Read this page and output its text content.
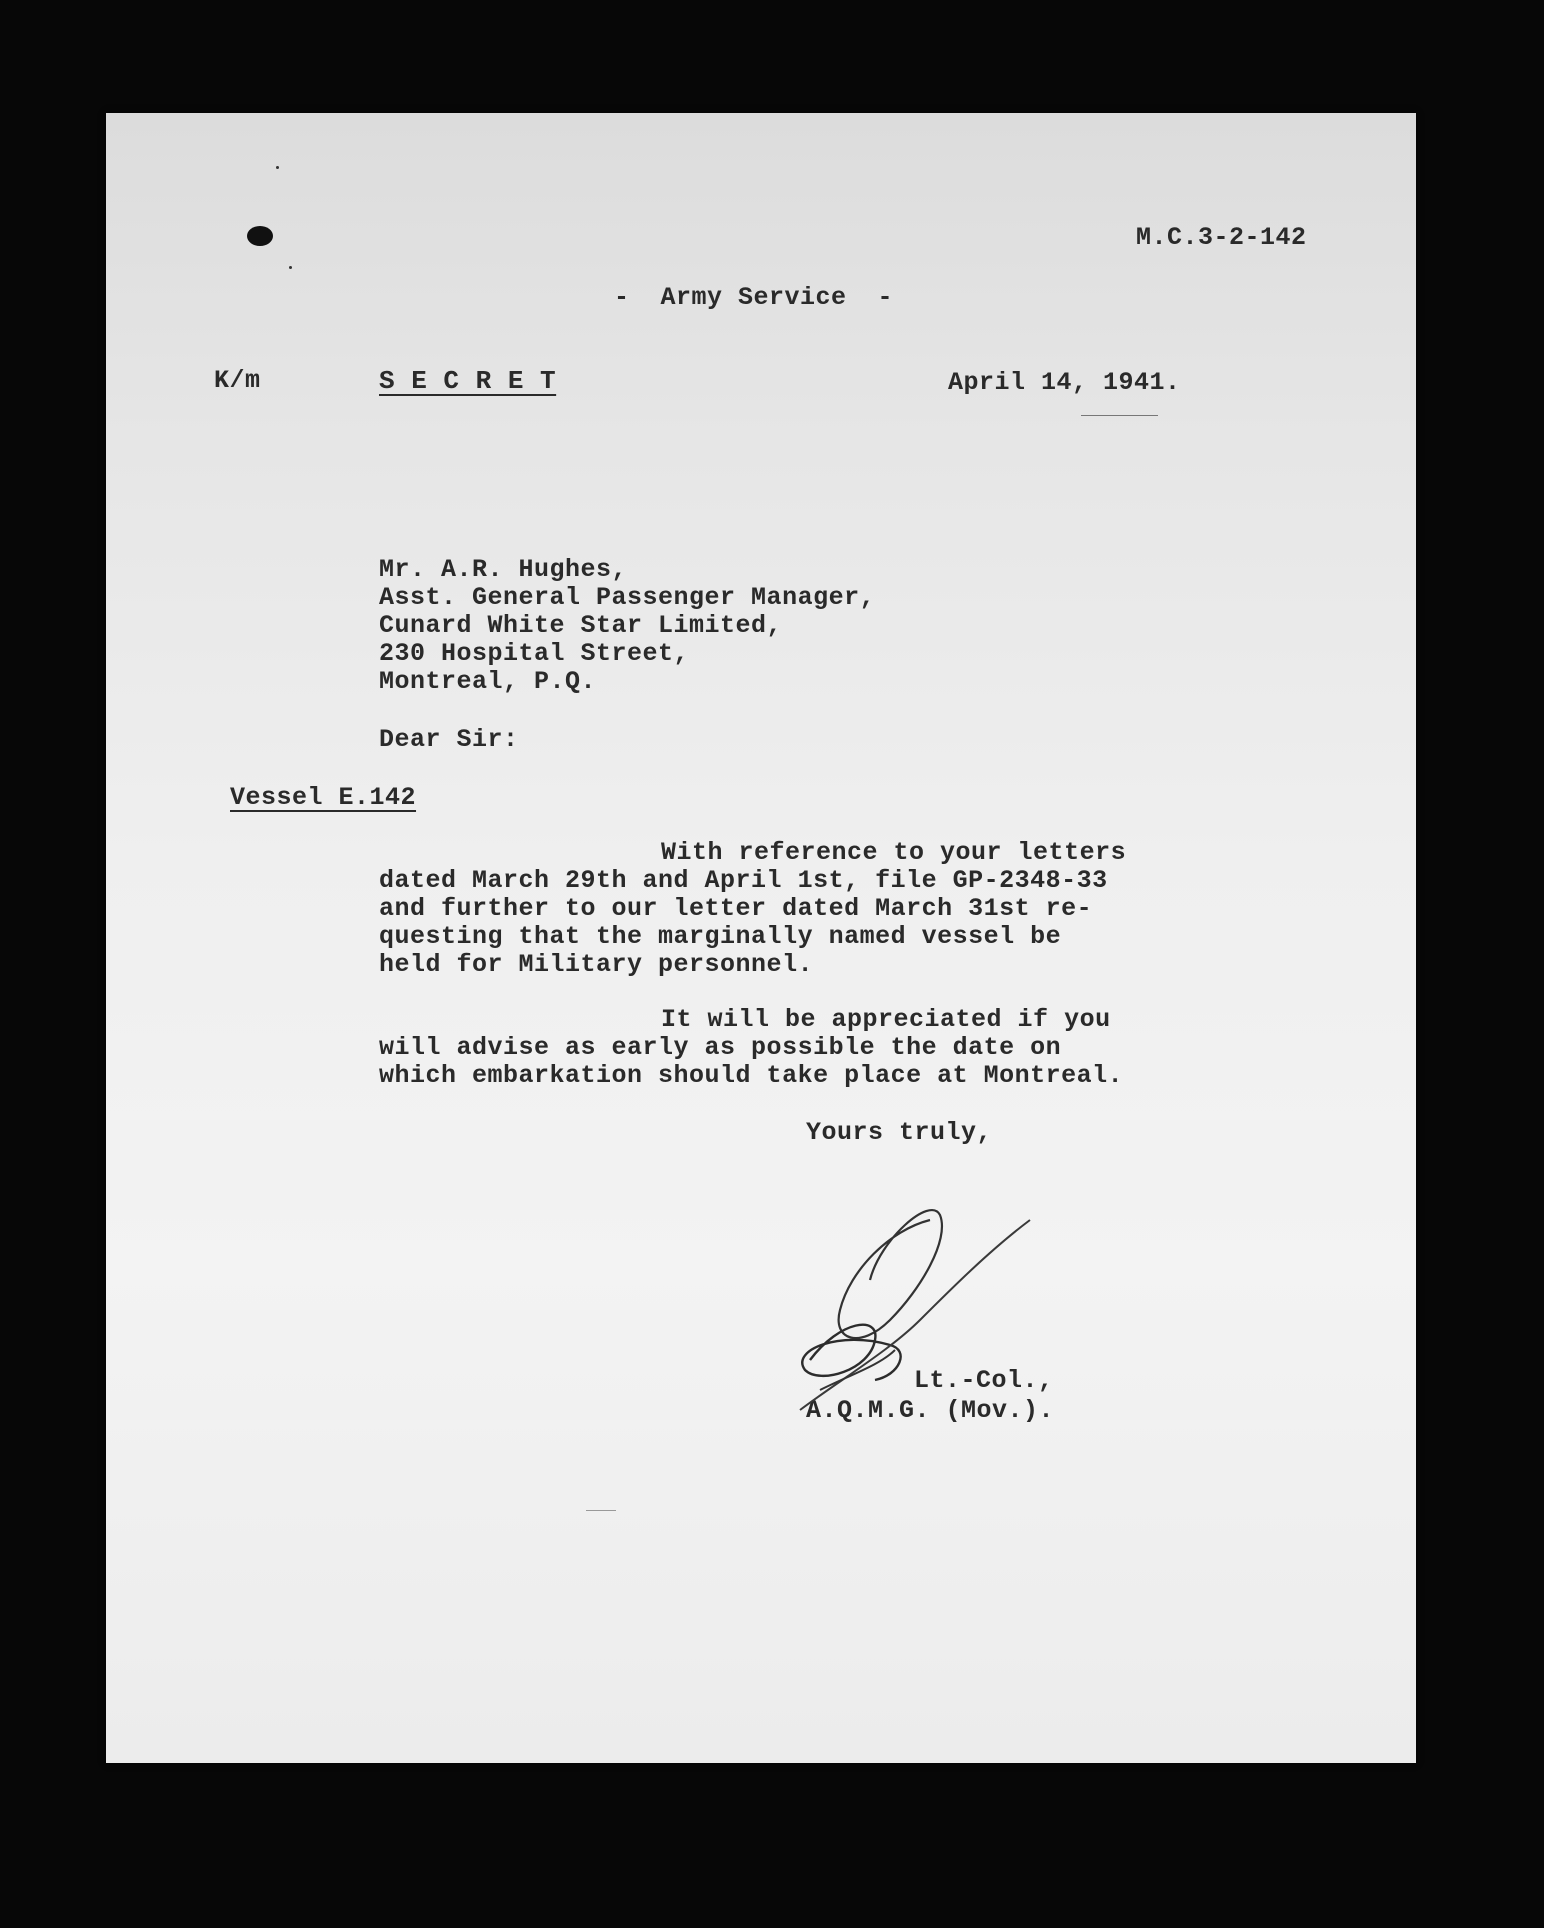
M.C.3-2-142
-  Army Service  -
K/m	S E C R E T	April 14, 1941.
Mr. A.R. Hughes,
Asst. General Passenger Manager,
Cunard White Star Limited,
230 Hospital Street,
Montreal, P.Q.
Dear Sir:
Vessel E.142
With reference to your letters
dated March 29th and April 1st, file GP-2348-33
and further to our letter dated March 31st re-
questing that the marginally named vessel be
held for Military personnel.
It will be appreciated if you
will advise as early as possible the date on
which embarkation should take place at Montreal.
Yours truly,
Lt.-Col.,
A.Q.M.G. (Mov.).
